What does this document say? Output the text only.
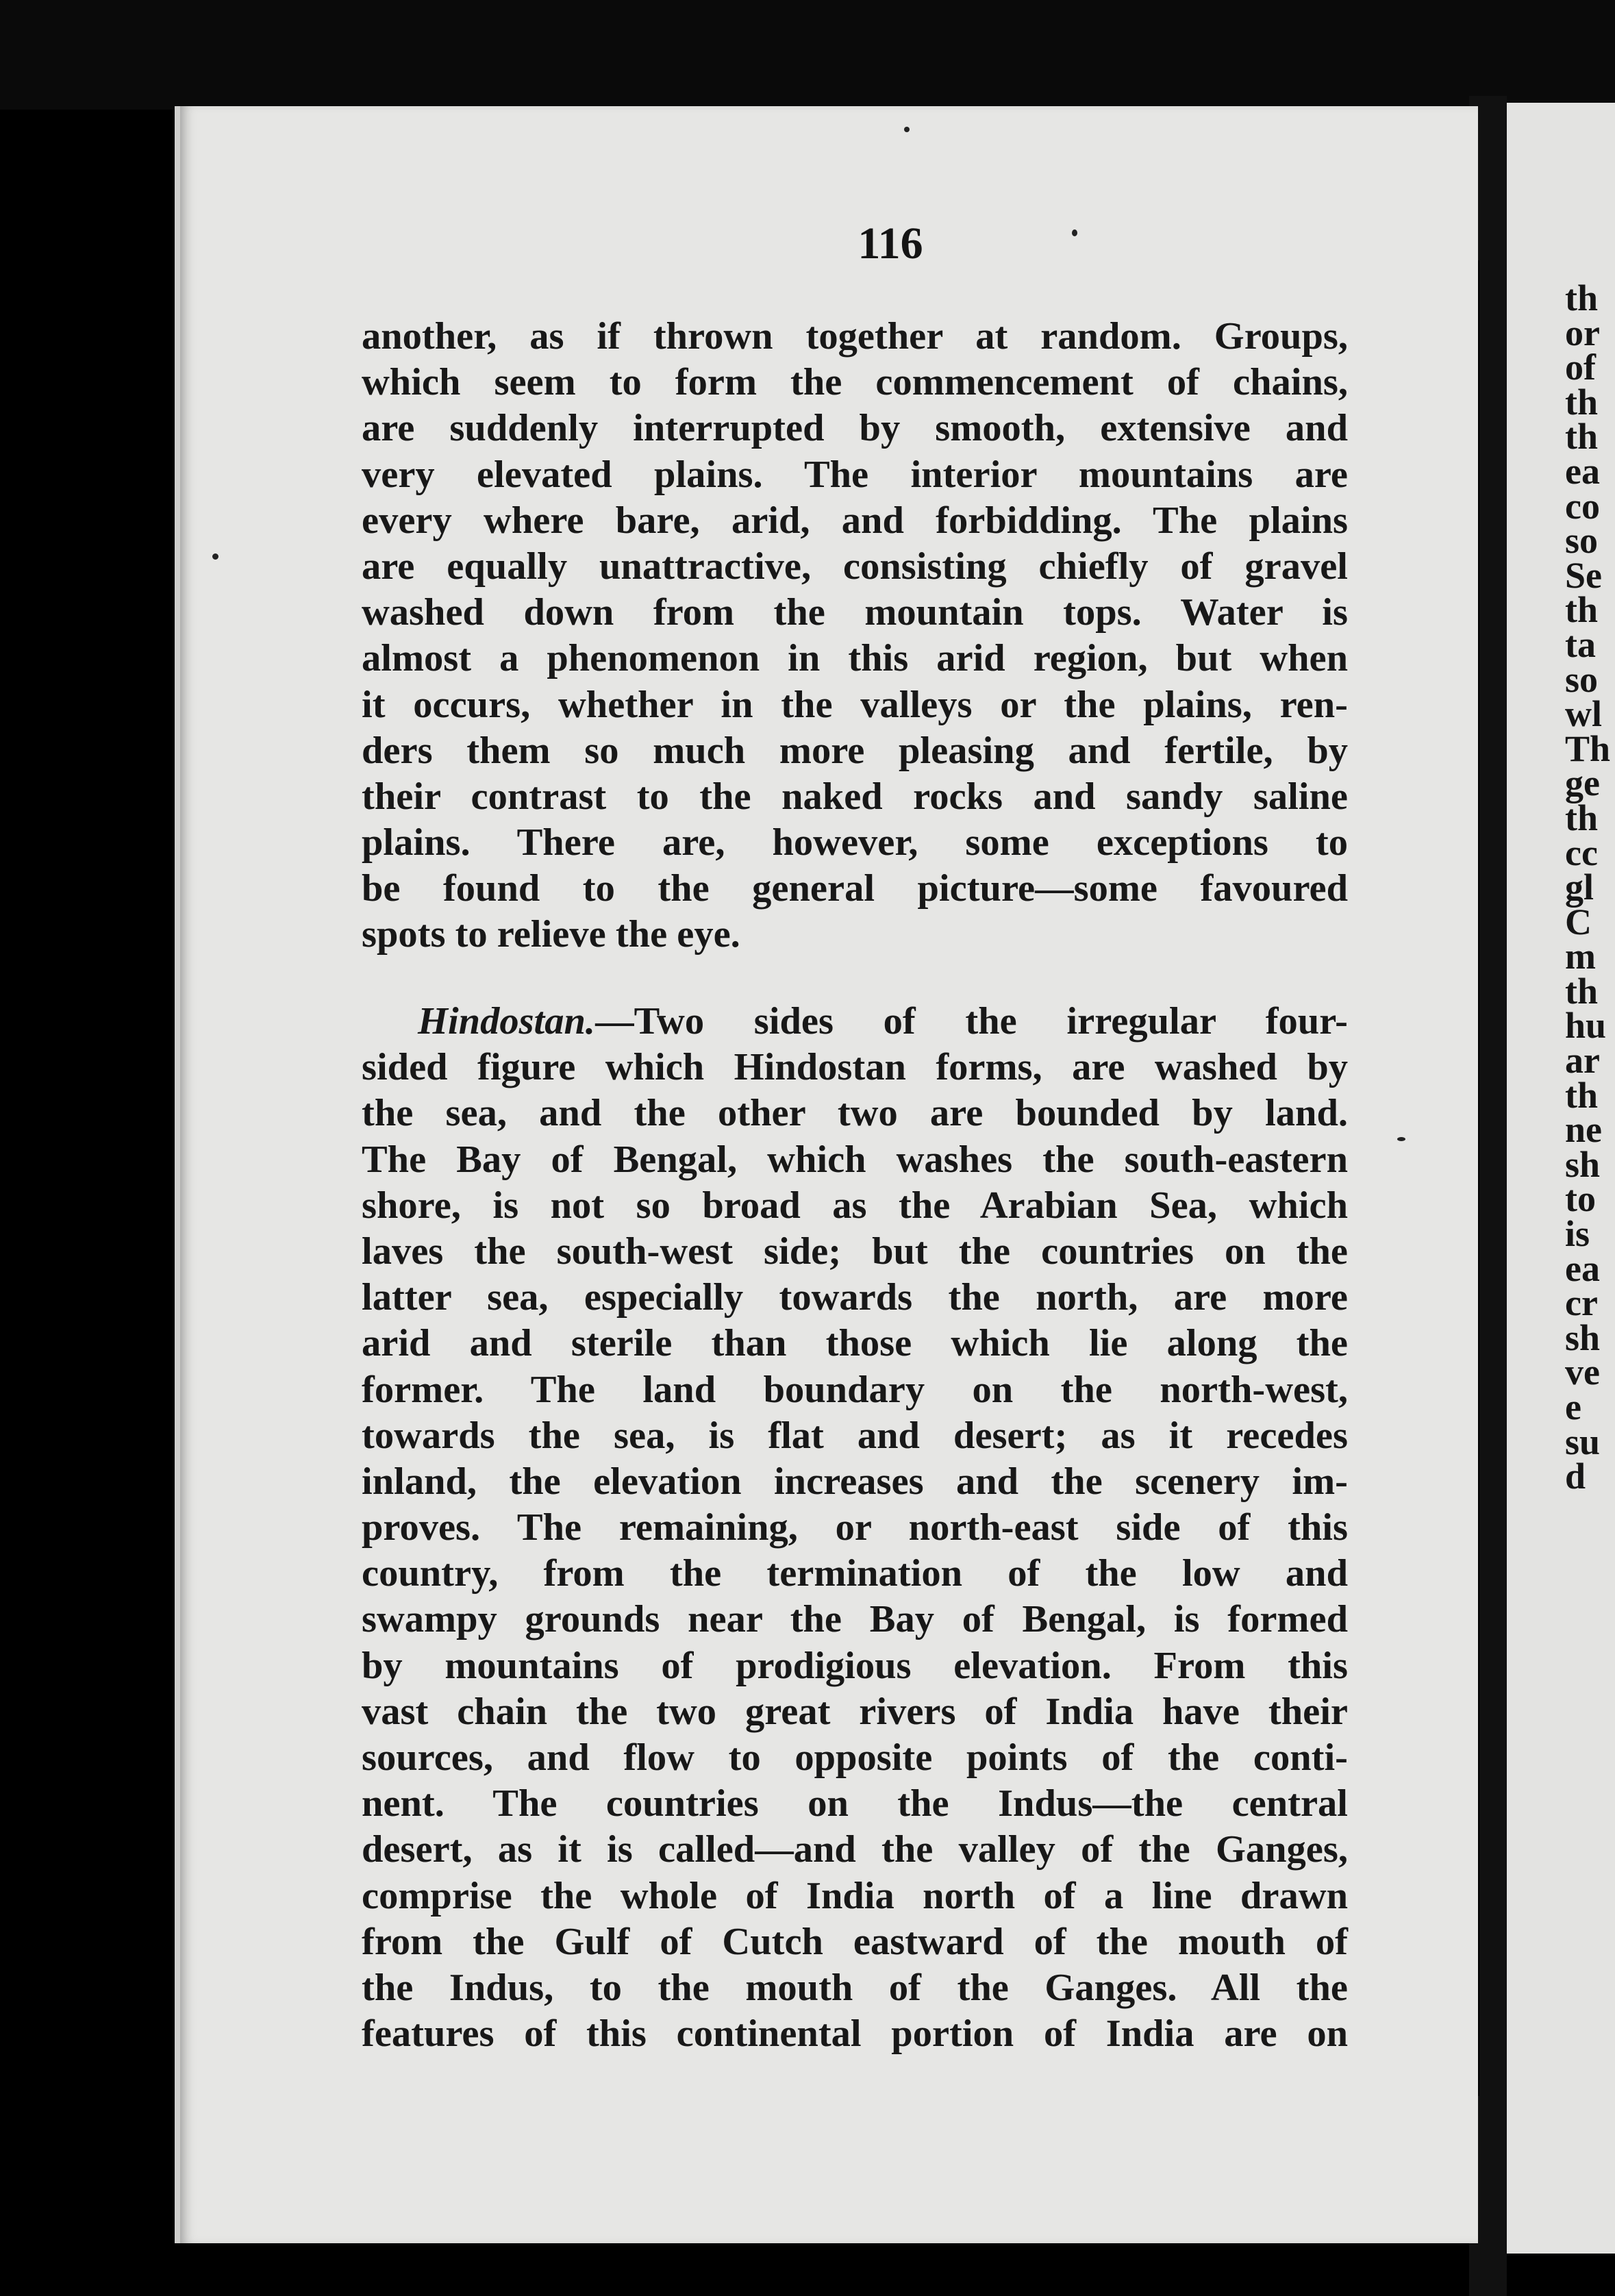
th
or
of
th
th
ea
co
so
Se
th
ta
so
wl
Th
ge
th
cc
gl
C
m
th
hu
ar
th
ne
sh
to
is
ea
cr
sh
ve
e
su
d
116
another, as if thrown together at random. Groups,
which seem to form the commencement of chains,
are suddenly interrupted by smooth, extensive and
very elevated plains. The interior mountains are
every where bare, arid, and forbidding. The plains
are equally unattractive, consisting chiefly of gravel
washed down from the mountain tops. Water is
almost a phenomenon in this arid region, but when
it occurs, whether in the valleys or the plains, ren-
ders them so much more pleasing and fertile, by
their contrast to the naked rocks and sandy saline
plains. There are, however, some exceptions to
be found to the general picture—some favoured
spots to relieve the eye.
Hindostan.—Two sides of the irregular four-
sided figure which Hindostan forms, are washed by
the sea, and the other two are bounded by land.
The Bay of Bengal, which washes the south-eastern
shore, is not so broad as the Arabian Sea, which
laves the south-west side; but the countries on the
latter sea, especially towards the north, are more
arid and sterile than those which lie along the
former. The land boundary on the north-west,
towards the sea, is flat and desert; as it recedes
inland, the elevation increases and the scenery im-
proves. The remaining, or north-east side of this
country, from the termination of the low and
swampy grounds near the Bay of Bengal, is formed
by mountains of prodigious elevation. From this
vast chain the two great rivers of India have their
sources, and flow to opposite points of the conti-
nent. The countries on the Indus—the central
desert, as it is called—and the valley of the Ganges,
comprise the whole of India north of a line drawn
from the Gulf of Cutch eastward of the mouth of
the Indus, to the mouth of the Ganges. All the
features of this continental portion of India are on
